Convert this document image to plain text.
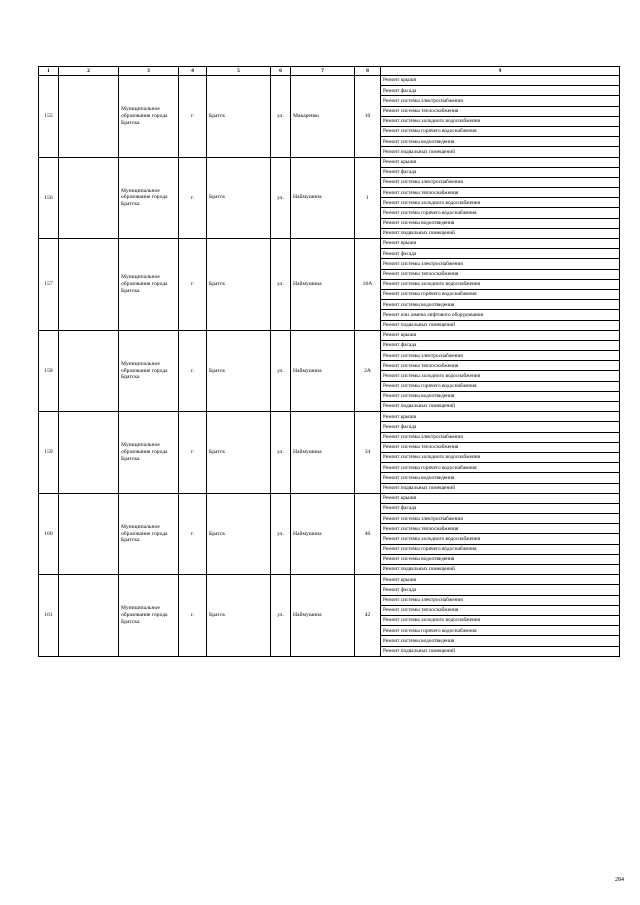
1	2	3	4	5	6	7	8	9
155		Муниципальное образование города Братска	г.	Братск	ул.	Макаренко	10	Ремонт крыши
								Ремонт фасада
								Ремонт системы электроснабжения
								Ремонт системы теплоснабжения
								Ремонт системы холодного водоснабжения
								Ремонт системы горячего водоснабжения
								Ремонт системы водоотведения
								Ремонт подвальных помещений
156		Муниципальное образование города Братска	г.	Братск	ул.	Наймушина	1	Ремонт крыши
								Ремонт фасада
								Ремонт системы электроснабжения
								Ремонт системы теплоснабжения
								Ремонт системы холодного водоснабжения
								Ремонт системы горячего водоснабжения
								Ремонт системы водоотведения
								Ремонт подвальных помещений
157		Муниципальное образование города Братска	г.	Братск	ул.	Наймушина	16А	Ремонт крыши
								Ремонт фасада
								Ремонт системы электроснабжения
								Ремонт системы теплоснабжения
								Ремонт системы холодного водоснабжения
								Ремонт системы горячего водоснабжения
								Ремонт системы водоотведения
								Ремонт или замена лифтового оборудования
								Ремонт подвальных помещений
158		Муниципальное образование города Братска	г.	Братск	ул.	Наймушина	2А	Ремонт крыши
								Ремонт фасада
								Ремонт системы электроснабжения
								Ремонт системы теплоснабжения
								Ремонт системы холодного водоснабжения
								Ремонт системы горячего водоснабжения
								Ремонт системы водоотведения
								Ремонт подвальных помещений
159		Муниципальное образование города Братска	г.	Братск	ул.	Наймушина	34	Ремонт крыши
								Ремонт фасада
								Ремонт системы электроснабжения
								Ремонт системы теплоснабжения
								Ремонт системы холодного водоснабжения
								Ремонт системы горячего водоснабжения
								Ремонт системы водоотведения
								Ремонт подвальных помещений
160		Муниципальное образование города Братска	г.	Братск	ул.	Наймушина	40	Ремонт крыши
								Ремонт фасада
								Ремонт системы электроснабжения
								Ремонт системы теплоснабжения
								Ремонт системы холодного водоснабжения
								Ремонт системы горячего водоснабжения
								Ремонт системы водоотведения
								Ремонт подвальных помещений
161		Муниципальное образование города Братска	г.	Братск	ул.	Наймушина	42	Ремонт крыши
								Ремонт фасада
								Ремонт системы электроснабжения
								Ремонт системы теплоснабжения
								Ремонт системы холодного водоснабжения
								Ремонт системы горячего водоснабжения
								Ремонт системы водоотведения
								Ремонт подвальных помещений
284
